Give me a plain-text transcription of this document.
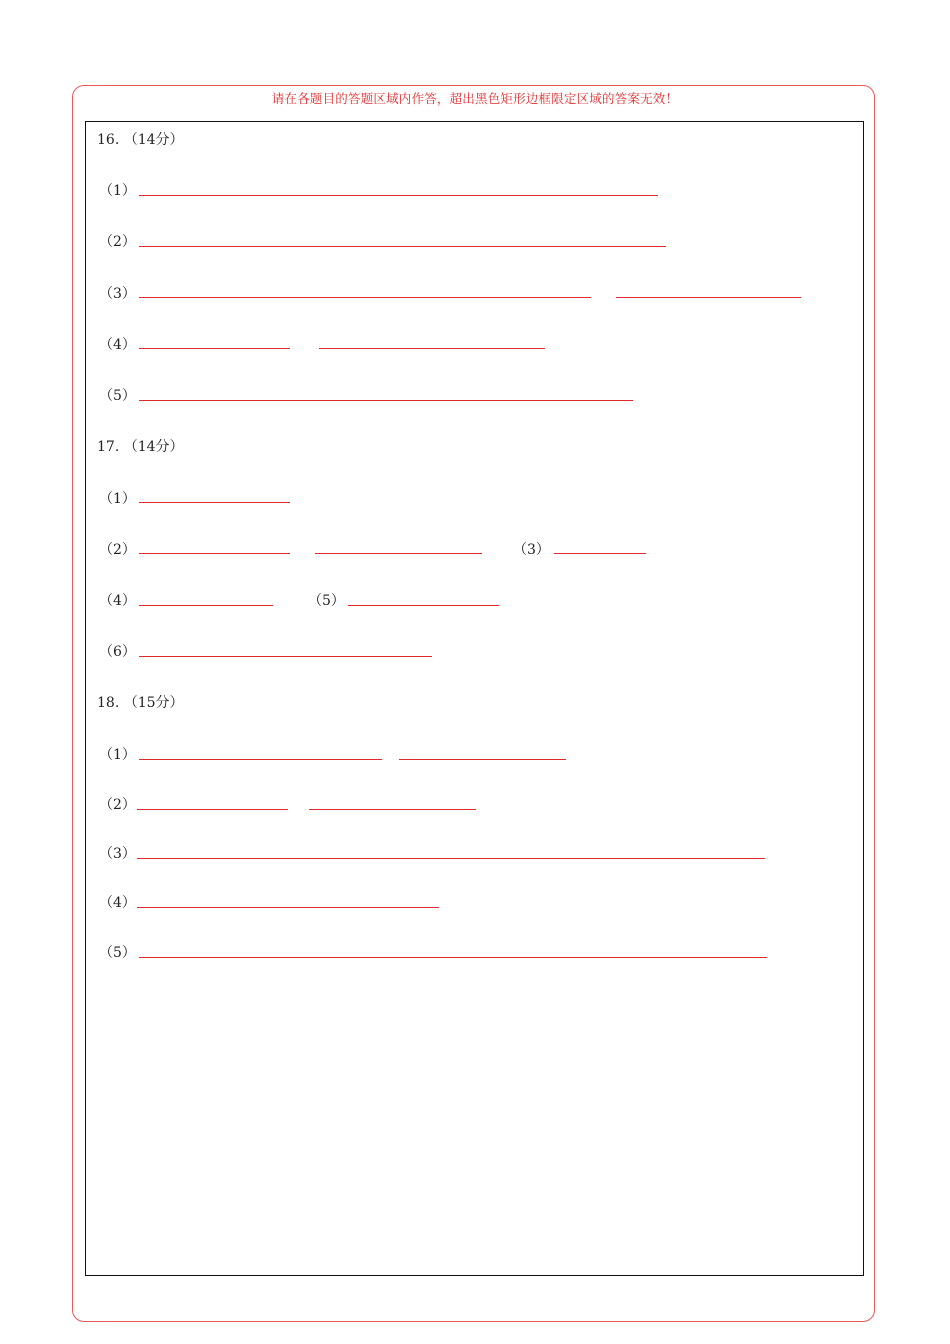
请在各题目的答题区域内作答，超出黑色矩形边框限定区域的答案无效！
16. （14分）
（1）
（2）
（3）
（4）
（5）
17. （14分）
（1）
（2）	（3）
（4）	（5）
（6）
18. （15分）
（1）
（2）
（3）
（4）
（5）
